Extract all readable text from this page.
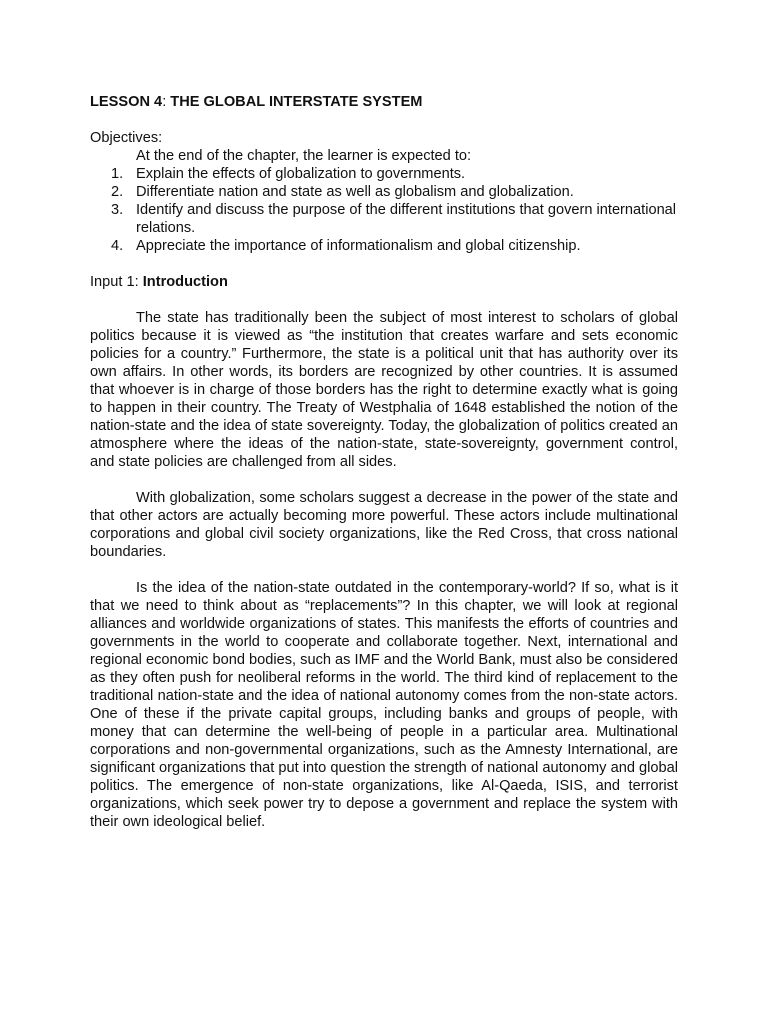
LESSON 4: THE GLOBAL INTERSTATE SYSTEM
Objectives:
At the end of the chapter, the learner is expected to:
1. Explain the effects of globalization to governments.
2. Differentiate nation and state as well as globalism and globalization.
3. Identify and discuss the purpose of the different institutions that govern international relations.
4. Appreciate the importance of informationalism and global citizenship.
Input 1: Introduction

The state has traditionally been the subject of most interest to scholars of global politics because it is viewed as “the institution that creates warfare and sets economic policies for a country.” Furthermore, the state is a political unit that has authority over its own affairs. In other words, its borders are recognized by other countries. It is assumed that whoever is in charge of those borders has the right to determine exactly what is going to happen in their country. The Treaty of Westphalia of 1648 established the notion of the nation-state and the idea of state sovereignty. Today, the globalization of politics created an atmosphere where the ideas of the nation-state, state-sovereignty, government control, and state policies are challenged from all sides.

With globalization, some scholars suggest a decrease in the power of the state and that other actors are actually becoming more powerful. These actors include multinational corporations and global civil society organizations, like the Red Cross, that cross national boundaries.

Is the idea of the nation-state outdated in the contemporary-world? If so, what is it that we need to think about as “replacements”? In this chapter, we will look at regional alliances and worldwide organizations of states. This manifests the efforts of countries and governments in the world to cooperate and collaborate together. Next, international and regional economic bond bodies, such as IMF and the World Bank, must also be considered as they often push for neoliberal reforms in the world. The third kind of replacement to the traditional nation-state and the idea of national autonomy comes from the non-state actors. One of these if the private capital groups, including banks and groups of people, with money that can determine the well-being of people in a particular area. Multinational corporations and non-governmental organizations, such as the Amnesty International, are significant organizations that put into question the strength of national autonomy and global politics. The emergence of non-state organizations, like Al-Qaeda, ISIS, and terrorist organizations, which seek power try to depose a government and replace the system with their own ideological belief.
